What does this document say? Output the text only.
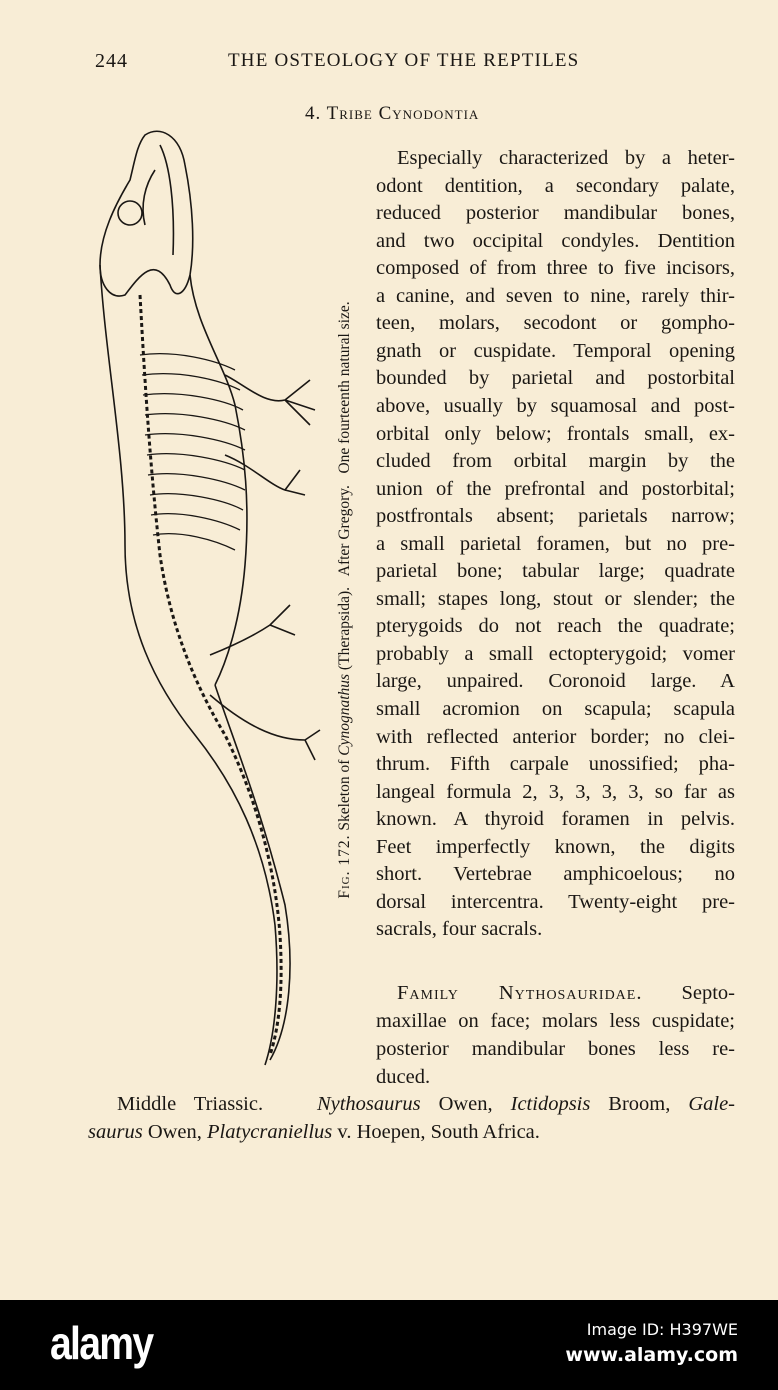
244	THE OSTEOLOGY OF THE REPTILES
4. Tribe Cynodontia
Fig. 172. Skeleton of Cynognathus (Therapsida).   After Gregory.   One fourteenth natural size.
Especially characterized by a heter-
odont dentition, a secondary palate,
reduced posterior mandibular bones,
and two occipital condyles. Dentition
composed of from three to five incisors,
a canine, and seven to nine, rarely thir-
teen, molars, secodont or gompho-
gnath or cuspidate. Temporal opening
bounded by parietal and postorbital
above, usually by squamosal and post-
orbital only below; frontals small, ex-
cluded from orbital margin by the
union of the prefrontal and postorbital;
postfrontals absent; parietals narrow;
a small parietal foramen, but no pre-
parietal bone; tabular large; quadrate
small; stapes long, stout or slender; the
pterygoids do not reach the quadrate;
probably a small ectopterygoid; vomer
large, unpaired. Coronoid large. A
small acromion on scapula; scapula
with reflected anterior border; no clei-
thrum. Fifth carpale unossified; pha-
langeal formula 2, 3, 3, 3, 3, so far as
known. A thyroid foramen in pelvis.
Feet imperfectly known, the digits
short. Vertebrae amphicoelous; no
dorsal intercentra. Twenty-eight pre-
sacrals, four sacrals.
Family Nythosauridae. Septo-
maxillae on face; molars less cuspidate;
posterior mandibular bones less re-
duced.
Middle Triassic.	Nythosaurus Owen, Ictidopsis Broom, Gale-
saurus Owen, Platycraniellus v. Hoepen, South Africa.
alamy	Image ID: H397WE
www.alamy.com
